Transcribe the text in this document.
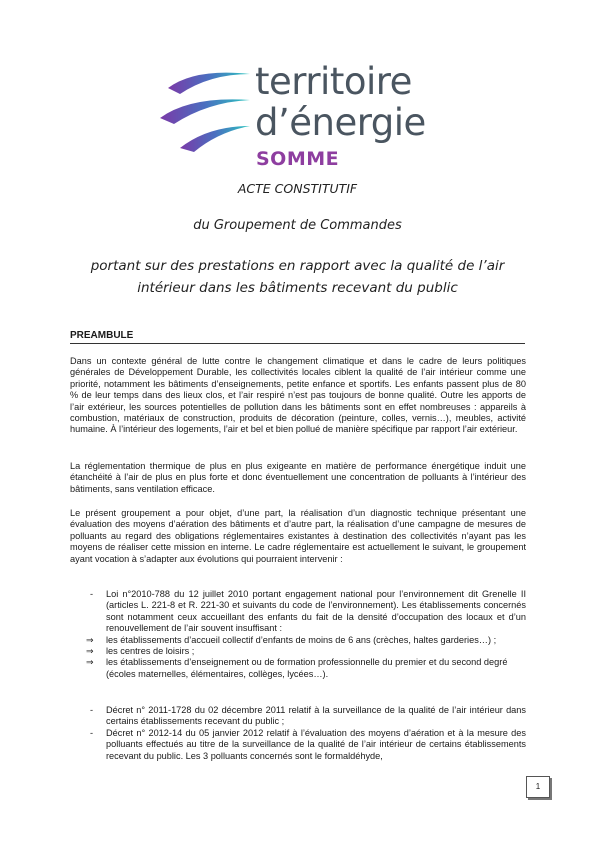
territoire
d’énergie
SOMME
ACTE CONSTITUTIF
du Groupement de Commandes
portant sur des prestations en rapport avec la qualité de l’air
intérieur dans les bâtiments recevant du public
PREAMBULE
Dans un contexte général de lutte contre le changement climatique et dans le cadre de leurs politiques générales de Développement Durable, les collectivités locales ciblent la qualité de l’air intérieur comme une priorité, notamment les bâtiments d’enseignements, petite enfance et sportifs. Les enfants passent plus de 80 % de leur temps dans des lieux clos, et l’air respiré n’est pas toujours de bonne qualité. Outre les apports de l’air extérieur, les sources potentielles de pollution dans les bâtiments sont en effet nombreuses : appareils à combustion, matériaux de construction, produits de décoration (peinture, colles, vernis…), meubles, activité humaine. À l’intérieur des logements, l’air et bel et bien pollué de manière spécifique par rapport l’air extérieur.
La réglementation thermique de plus en plus exigeante en matière de performance énergétique induit une étanchéité à l’air de plus en plus forte et donc éventuellement une concentration de polluants à l’intérieur des bâtiments, sans ventilation efficace.
Le présent groupement a pour objet, d’une part, la réalisation d’un diagnostic technique présentant une évaluation des moyens d’aération des bâtiments et d’autre part, la réalisation d’une campagne de mesures de polluants au regard des obligations réglementaires existantes à destination des collectivités n’ayant pas les moyens de réaliser cette mission en interne. Le cadre réglementaire est actuellement le suivant, le groupement ayant vocation à s’adapter aux évolutions qui pourraient intervenir :
- Loi n°2010-788 du 12 juillet 2010 portant engagement national pour l’environnement dit Grenelle II (articles L. 221-8 et R. 221-30 et suivants du code de l’environnement). Les établissements concernés sont notamment ceux accueillant des enfants du fait de la densité d’occupation des locaux et d’un renouvellement de l’air souvent insuffisant :
⇒ les établissements d’accueil collectif d’enfants de moins de 6 ans (crèches, haltes garderies…) ;
⇒ les centres de loisirs ;
⇒ les établissements d’enseignement ou de formation professionnelle du premier et du second degré (écoles maternelles, élémentaires, collèges, lycées…).
- Décret n° 2011-1728 du 02 décembre 2011 relatif à la surveillance de la qualité de l’air intérieur dans certains établissements recevant du public ;
- Décret n° 2012-14 du 05 janvier 2012 relatif à l’évaluation des moyens d’aération et à la mesure des polluants effectués au titre de la surveillance de la qualité de l’air intérieur de certains établissements recevant du public. Les 3 polluants concernés sont le formaldéhyde,
1
